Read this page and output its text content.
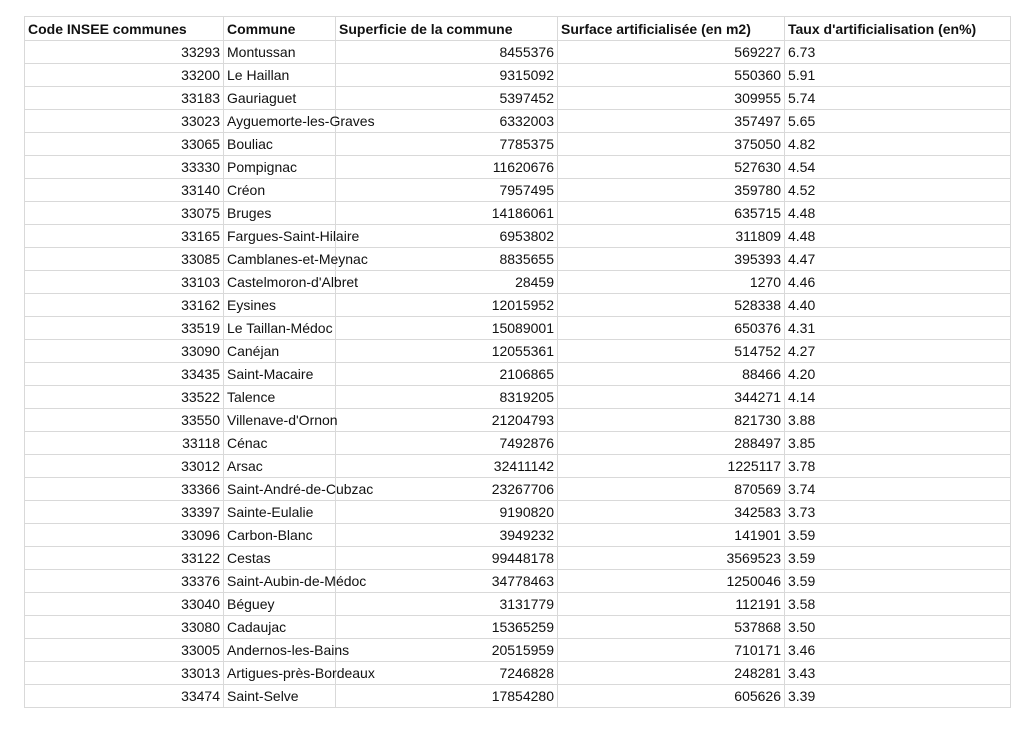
Code INSEE communes	Commune	Superficie de la commune	Surface artificialisée (en m2)	Taux d'artificialisation (en%)
33293	Montussan	8455376	569227	6.73
33200	Le Haillan	9315092	550360	5.91
33183	Gauriaguet	5397452	309955	5.74
33023	Ayguemorte-les-Graves	6332003	357497	5.65
33065	Bouliac	7785375	375050	4.82
33330	Pompignac	11620676	527630	4.54
33140	Créon	7957495	359780	4.52
33075	Bruges	14186061	635715	4.48
33165	Fargues-Saint-Hilaire	6953802	311809	4.48
33085	Camblanes-et-Meynac	8835655	395393	4.47
33103	Castelmoron-d'Albret	28459	1270	4.46
33162	Eysines	12015952	528338	4.40
33519	Le Taillan-Médoc	15089001	650376	4.31
33090	Canéjan	12055361	514752	4.27
33435	Saint-Macaire	2106865	88466	4.20
33522	Talence	8319205	344271	4.14
33550	Villenave-d'Ornon	21204793	821730	3.88
33118	Cénac	7492876	288497	3.85
33012	Arsac	32411142	1225117	3.78
33366	Saint-André-de-Cubzac	23267706	870569	3.74
33397	Sainte-Eulalie	9190820	342583	3.73
33096	Carbon-Blanc	3949232	141901	3.59
33122	Cestas	99448178	3569523	3.59
33376	Saint-Aubin-de-Médoc	34778463	1250046	3.59
33040	Béguey	3131779	112191	3.58
33080	Cadaujac	15365259	537868	3.50
33005	Andernos-les-Bains	20515959	710171	3.46
33013	Artigues-près-Bordeaux	7246828	248281	3.43
33474	Saint-Selve	17854280	605626	3.39
